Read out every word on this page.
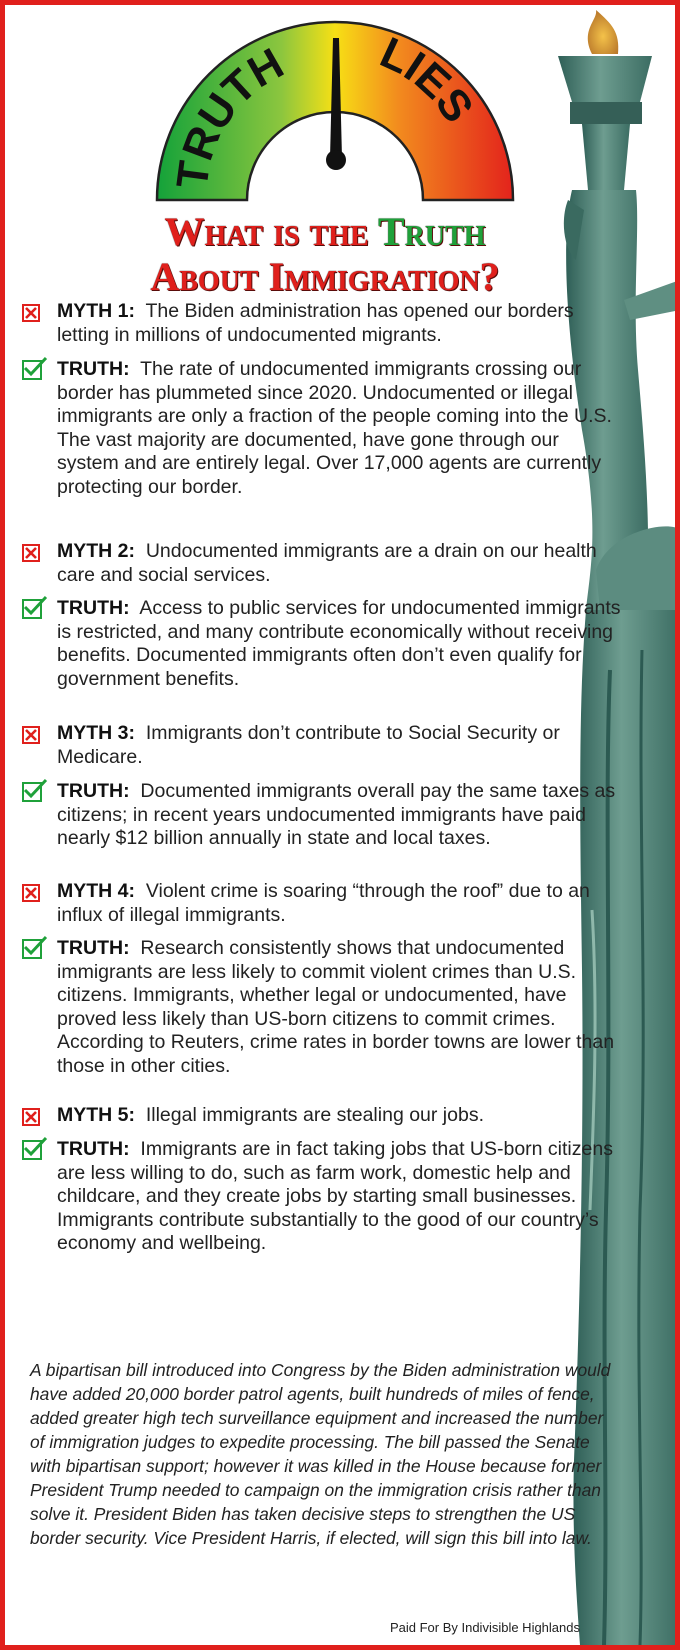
TRUTH LIES
What is the Truth
About Immigration?
MYTH 1: The Biden administration has opened our borders letting in millions of undocumented migrants.
TRUTH: The rate of undocumented immigrants crossing our border has plummeted since 2020. Undocumented or illegal immigrants are only a fraction of the people coming into the U.S. The vast majority are documented, have gone through our system and are entirely legal. Over 17,000 agents are currently protecting our border.
MYTH 2: Undocumented immigrants are a drain on our health care and social services.
TRUTH: Access to public services for undocumented immigrants is restricted, and many contribute economically without receiving benefits. Documented immigrants often don’t even qualify for government benefits.
MYTH 3: Immigrants don’t contribute to Social Security or Medicare.
TRUTH: Documented immigrants overall pay the same taxes as citizens; in recent years undocumented immigrants have paid nearly $12 billion annually in state and local taxes.
MYTH 4: Violent crime is soaring “through the roof” due to an influx of illegal immigrants.
TRUTH: Research consistently shows that undocumented immigrants are less likely to commit violent crimes than U.S. citizens. Immigrants, whether legal or undocumented, have proved less likely than US-born citizens to commit crimes. According to Reuters, crime rates in border towns are lower than those in other cities.
MYTH 5: Illegal immigrants are stealing our jobs.
TRUTH: Immigrants are in fact taking jobs that US-born citizens are less willing to do, such as farm work, domestic help and childcare, and they create jobs by starting small businesses. Immigrants contribute substantially to the good of our country’s economy and wellbeing.
A bipartisan bill introduced into Congress by the Biden administration would have added 20,000 border patrol agents, built hundreds of miles of fence, added greater high tech surveillance equipment and increased the number of immigration judges to expedite processing. The bill passed the Senate with bipartisan support; however it was killed in the House because former President Trump needed to campaign on the immigration crisis rather than solve it. President Biden has taken decisive steps to strengthen the US border security. Vice President Harris, if elected, will sign this bill into law.
Paid For By Indivisible Highlands
